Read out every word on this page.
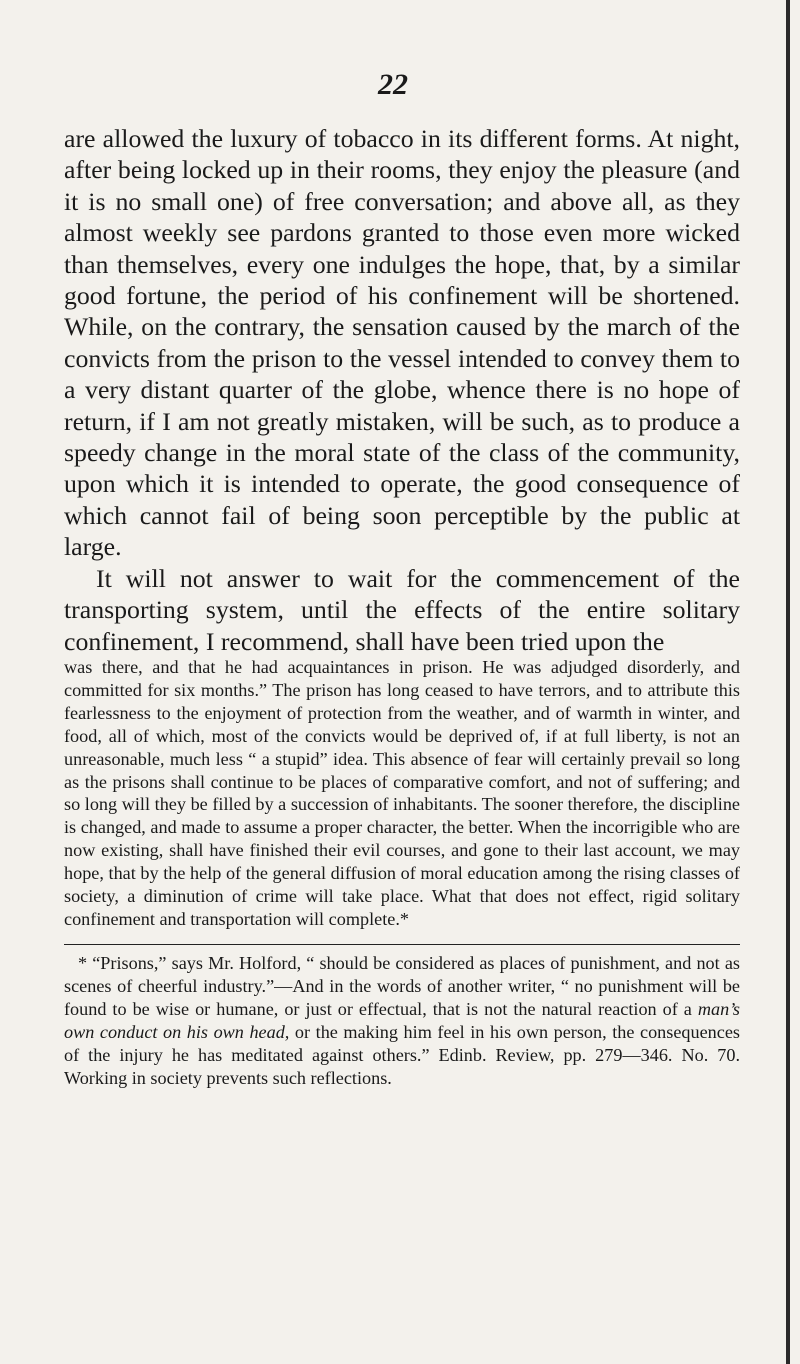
22

are allowed the luxury of tobacco in its different forms. At night, after being locked up in their rooms, they enjoy the pleasure (and it is no small one) of free conversation; and above all, as they almost weekly see pardons granted to those even more wicked than themselves, every one indulges the hope, that, by a similar good fortune, the period of his confinement will be shortened. While, on the contrary, the sensation caused by the march of the convicts from the prison to the vessel intended to convey them to a very distant quarter of the globe, whence there is no hope of return, if I am not greatly mistaken, will be such, as to produce a speedy change in the moral state of the class of the community, upon which it is intended to operate, the good consequence of which cannot fail of being soon perceptible by the public at large.

It will not answer to wait for the commencement of the transporting system, until the effects of the entire solitary confinement, I recommend, shall have been tried upon the

was there, and that he had acquaintances in prison. He was adjudged disorderly, and committed for six months.” The prison has long ceased to have terrors, and to attribute this fearlessness to the enjoyment of protection from the weather, and of warmth in winter, and food, all of which, most of the convicts would be deprived of, if at full liberty, is not an unreasonable, much less “ a stupid” idea. This absence of fear will certainly prevail so long as the prisons shall continue to be places of comparative comfort, and not of suffering; and so long will they be filled by a succession of inhabitants. The sooner therefore, the discipline is changed, and made to assume a proper character, the better. When the incorrigible who are now existing, shall have finished their evil courses, and gone to their last account, we may hope, that by the help of the general diffusion of moral education among the rising classes of society, a diminution of crime will take place. What that does not effect, rigid solitary confinement and transportation will complete.*

* “Prisons,” says Mr. Holford, “ should be considered as places of punishment, and not as scenes of cheerful industry.”—And in the words of another writer, “ no punishment will be found to be wise or humane, or just or effectual, that is not the natural reaction of a man’s own conduct on his own head, or the making him feel in his own person, the consequences of the injury he has meditated against others.” Edinb. Review, pp. 279—346. No. 70. Working in society prevents such reflections.
